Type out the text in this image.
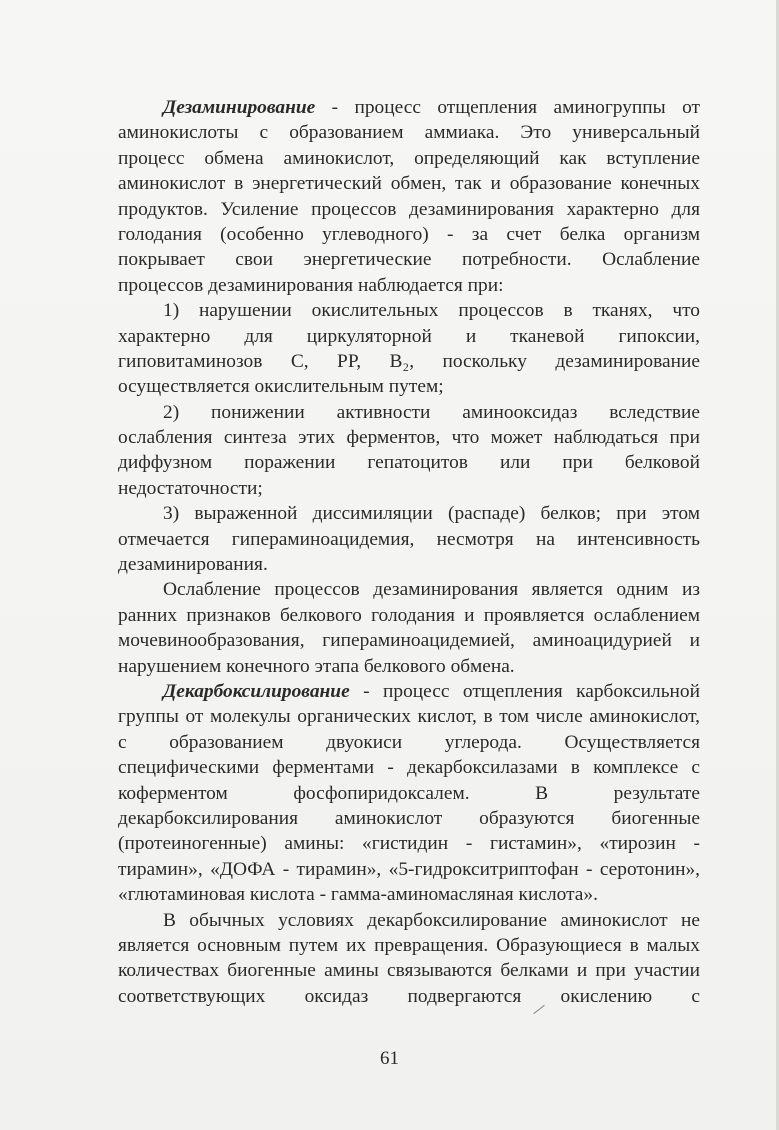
Дезаминирование - процесс отщепления аминогруппы от
аминокислоты с образованием аммиака. Это универсальный
процесс обмена аминокислот, определяющий как вступление
аминокислот в энергетический обмен, так и образование конечных
продуктов. Усиление процессов дезаминирования характерно для
голодания (особенно углеводного) - за счет белка организм
покрывает свои энергетические потребности. Ослабление
процессов дезаминирования наблюдается при:
1) нарушении окислительных процессов в тканях, что
характерно для циркуляторной и тканевой гипоксии,
гиповитаминозов С, РР, В₂, поскольку дезаминирование
осуществляется окислительным путем;
2) понижении активности аминооксидаз вследствие
ослабления синтеза этих ферментов, что может наблюдаться при
диффузном поражении гепатоцитов или при белковой
недостаточности;
3) выраженной диссимиляции (распаде) белков; при этом
отмечается гипераминоацидемия, несмотря на интенсивность
дезаминирования.
Ослабление процессов дезаминирования является одним из
ранних признаков белкового голодания и проявляется ослаблением
мочевинообразования, гипераминоацидемией, аминоацидурией и
нарушением конечного этапа белкового обмена.
Декарбоксилирование - процесс отщепления карбоксильной
группы от молекулы органических кислот, в том числе аминокислот,
с образованием двуокиси углерода. Осуществляется
специфическими ферментами - декарбоксилазами в комплексе с
коферментом фосфопиридоксалем. В результате
декарбоксилирования аминокислот образуются биогенные
(протеиногенные) амины: «гистидин - гистамин», «тирозин -
тирамин», «ДОФА - тирамин», «5-гидрокситриптофан - серотонин»,
«глютаминовая кислота - гамма-аминомасляная кислота».
В обычных условиях декарбоксилирование аминокислот не
является основным путем их превращения. Образующиеся в малых
количествах биогенные амины связываются белками и при участии
соответствующих оксидаз подвергаются окислению с
61
